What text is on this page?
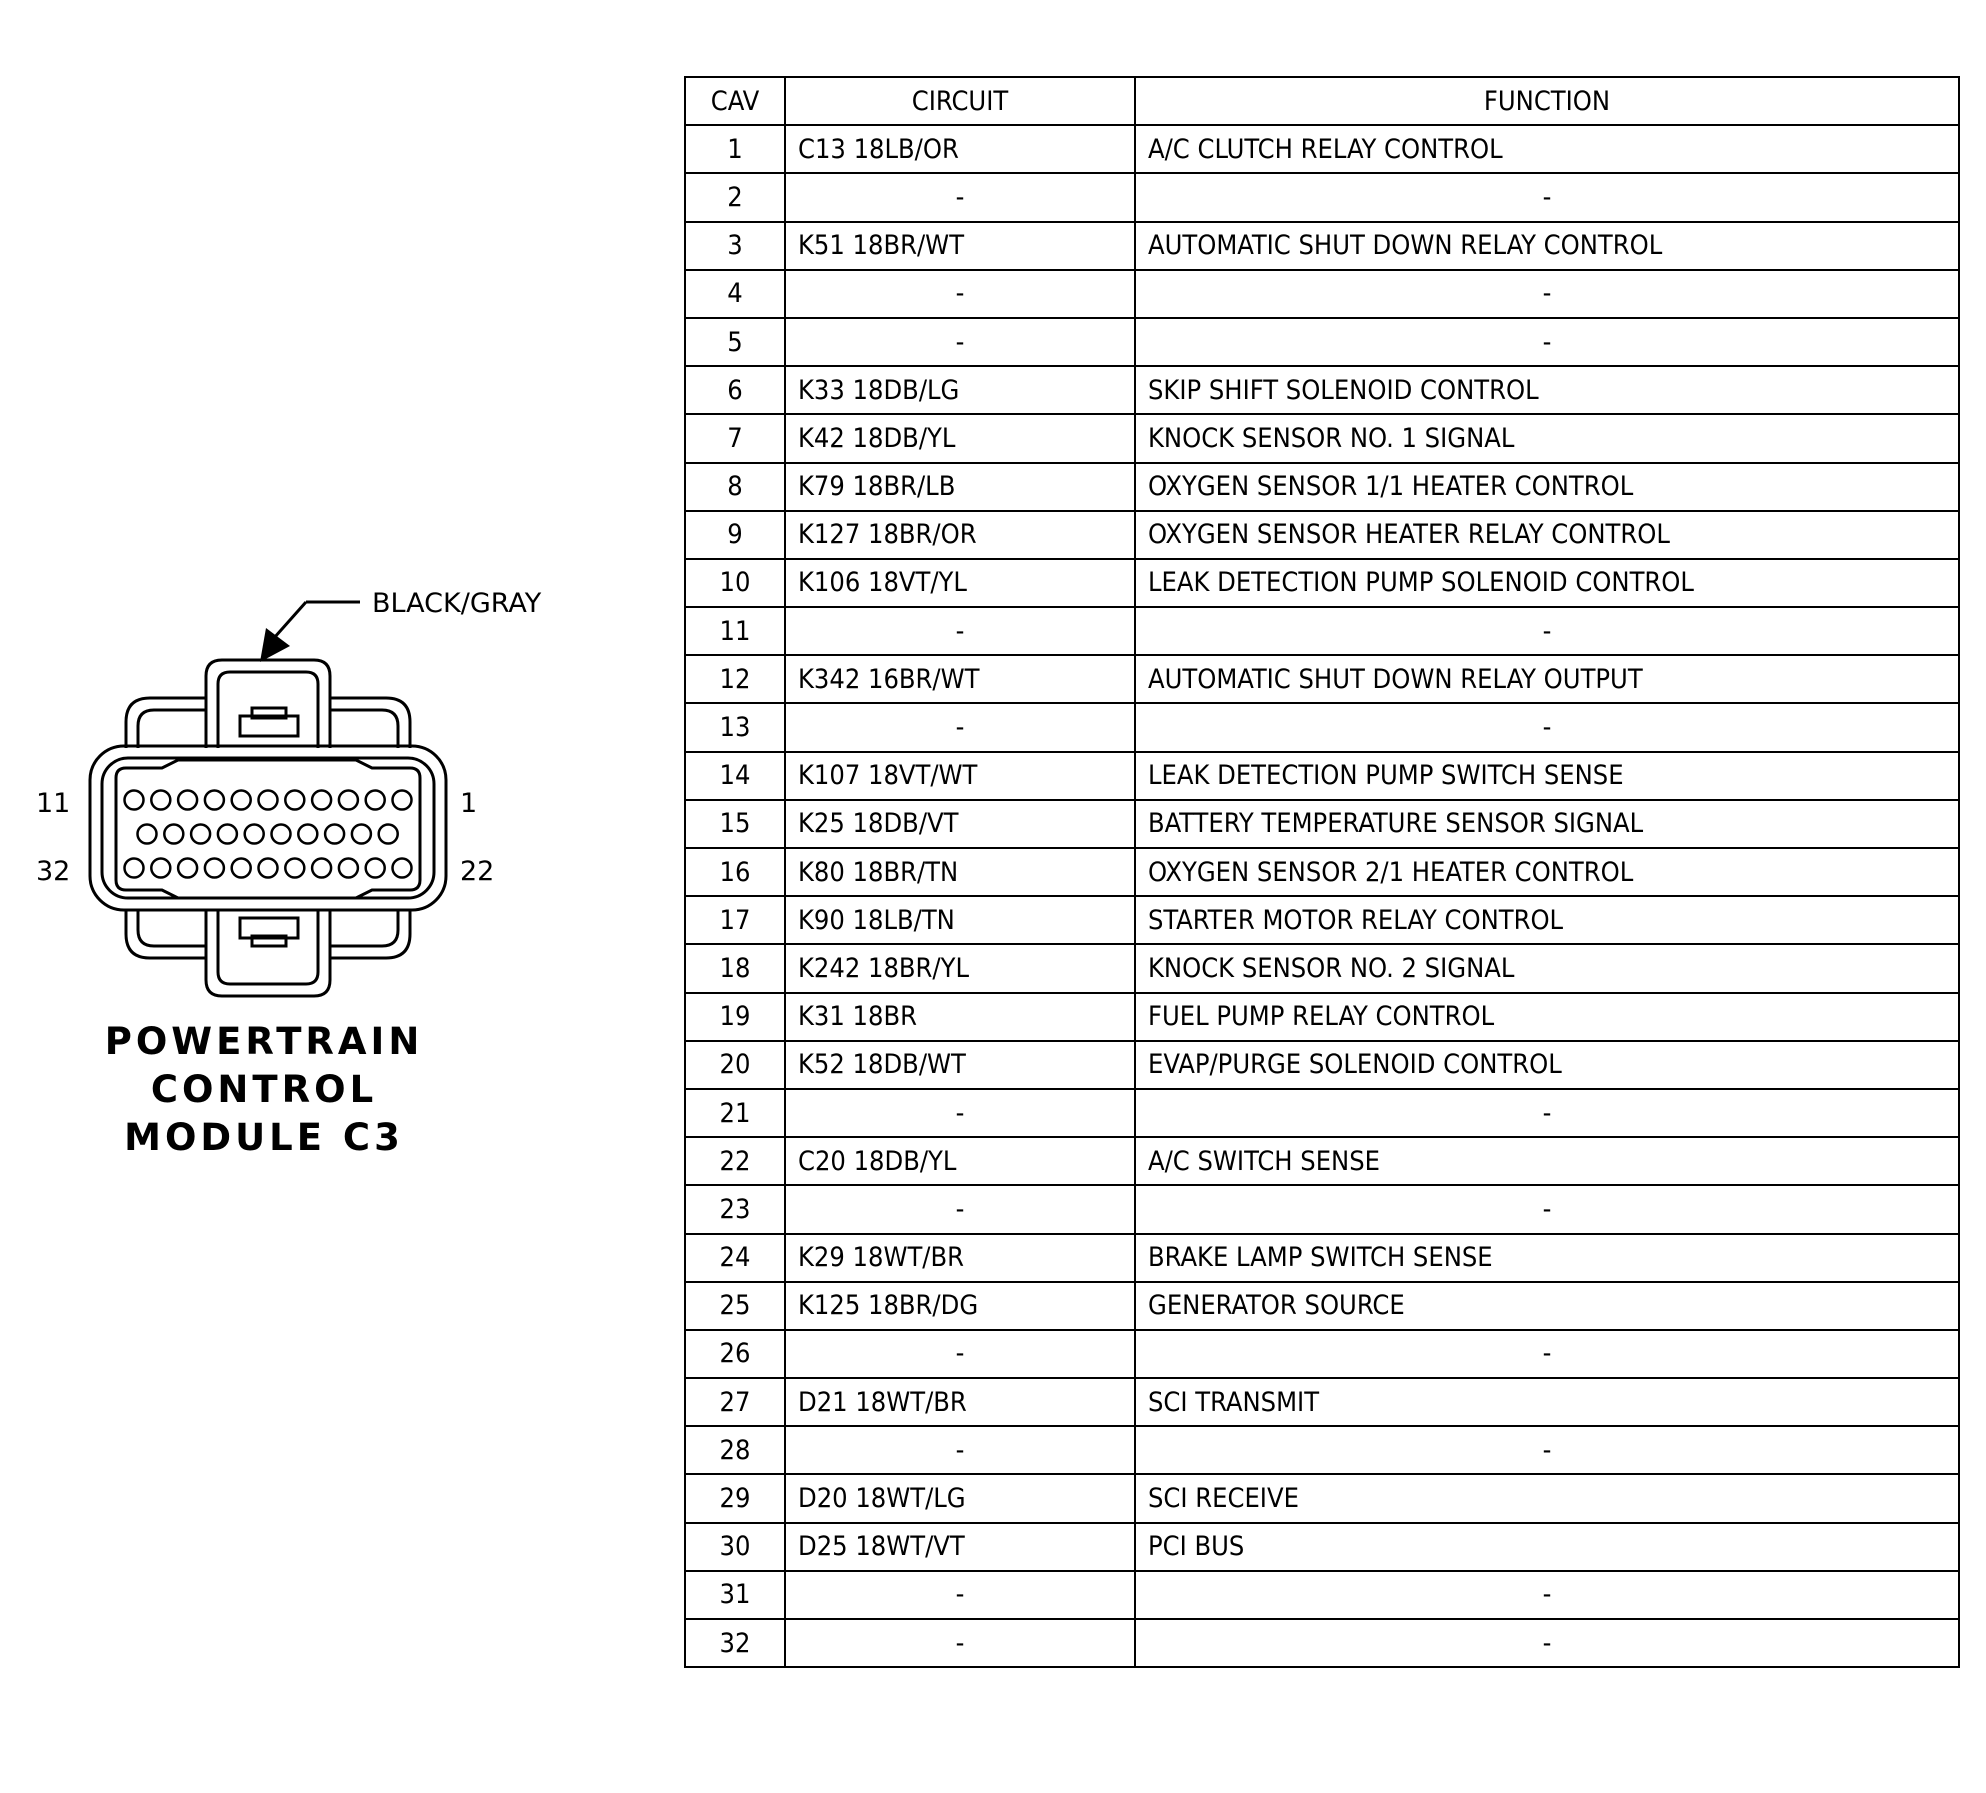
BLACK/GRAY
11	1
32	22
POWERTRAIN
CONTROL
MODULE C3
CAV	CIRCUIT	FUNCTION
1	C13 18LB/OR	A/C CLUTCH RELAY CONTROL
2	-	-
3	K51 18BR/WT	AUTOMATIC SHUT DOWN RELAY CONTROL
4	-	-
5	-	-
6	K33 18DB/LG	SKIP SHIFT SOLENOID CONTROL
7	K42 18DB/YL	KNOCK SENSOR NO. 1 SIGNAL
8	K79 18BR/LB	OXYGEN SENSOR 1/1 HEATER CONTROL
9	K127 18BR/OR	OXYGEN SENSOR HEATER RELAY CONTROL
10	K106 18VT/YL	LEAK DETECTION PUMP SOLENOID CONTROL
11	-	-
12	K342 16BR/WT	AUTOMATIC SHUT DOWN RELAY OUTPUT
13	-	-
14	K107 18VT/WT	LEAK DETECTION PUMP SWITCH SENSE
15	K25 18DB/VT	BATTERY TEMPERATURE SENSOR SIGNAL
16	K80 18BR/TN	OXYGEN SENSOR 2/1 HEATER CONTROL
17	K90 18LB/TN	STARTER MOTOR RELAY CONTROL
18	K242 18BR/YL	KNOCK SENSOR NO. 2 SIGNAL
19	K31 18BR	FUEL PUMP RELAY CONTROL
20	K52 18DB/WT	EVAP/PURGE SOLENOID CONTROL
21	-	-
22	C20 18DB/YL	A/C SWITCH SENSE
23	-	-
24	K29 18WT/BR	BRAKE LAMP SWITCH SENSE
25	K125 18BR/DG	GENERATOR SOURCE
26	-	-
27	D21 18WT/BR	SCI TRANSMIT
28	-	-
29	D20 18WT/LG	SCI RECEIVE
30	D25 18WT/VT	PCI BUS
31	-	-
32	-	-
